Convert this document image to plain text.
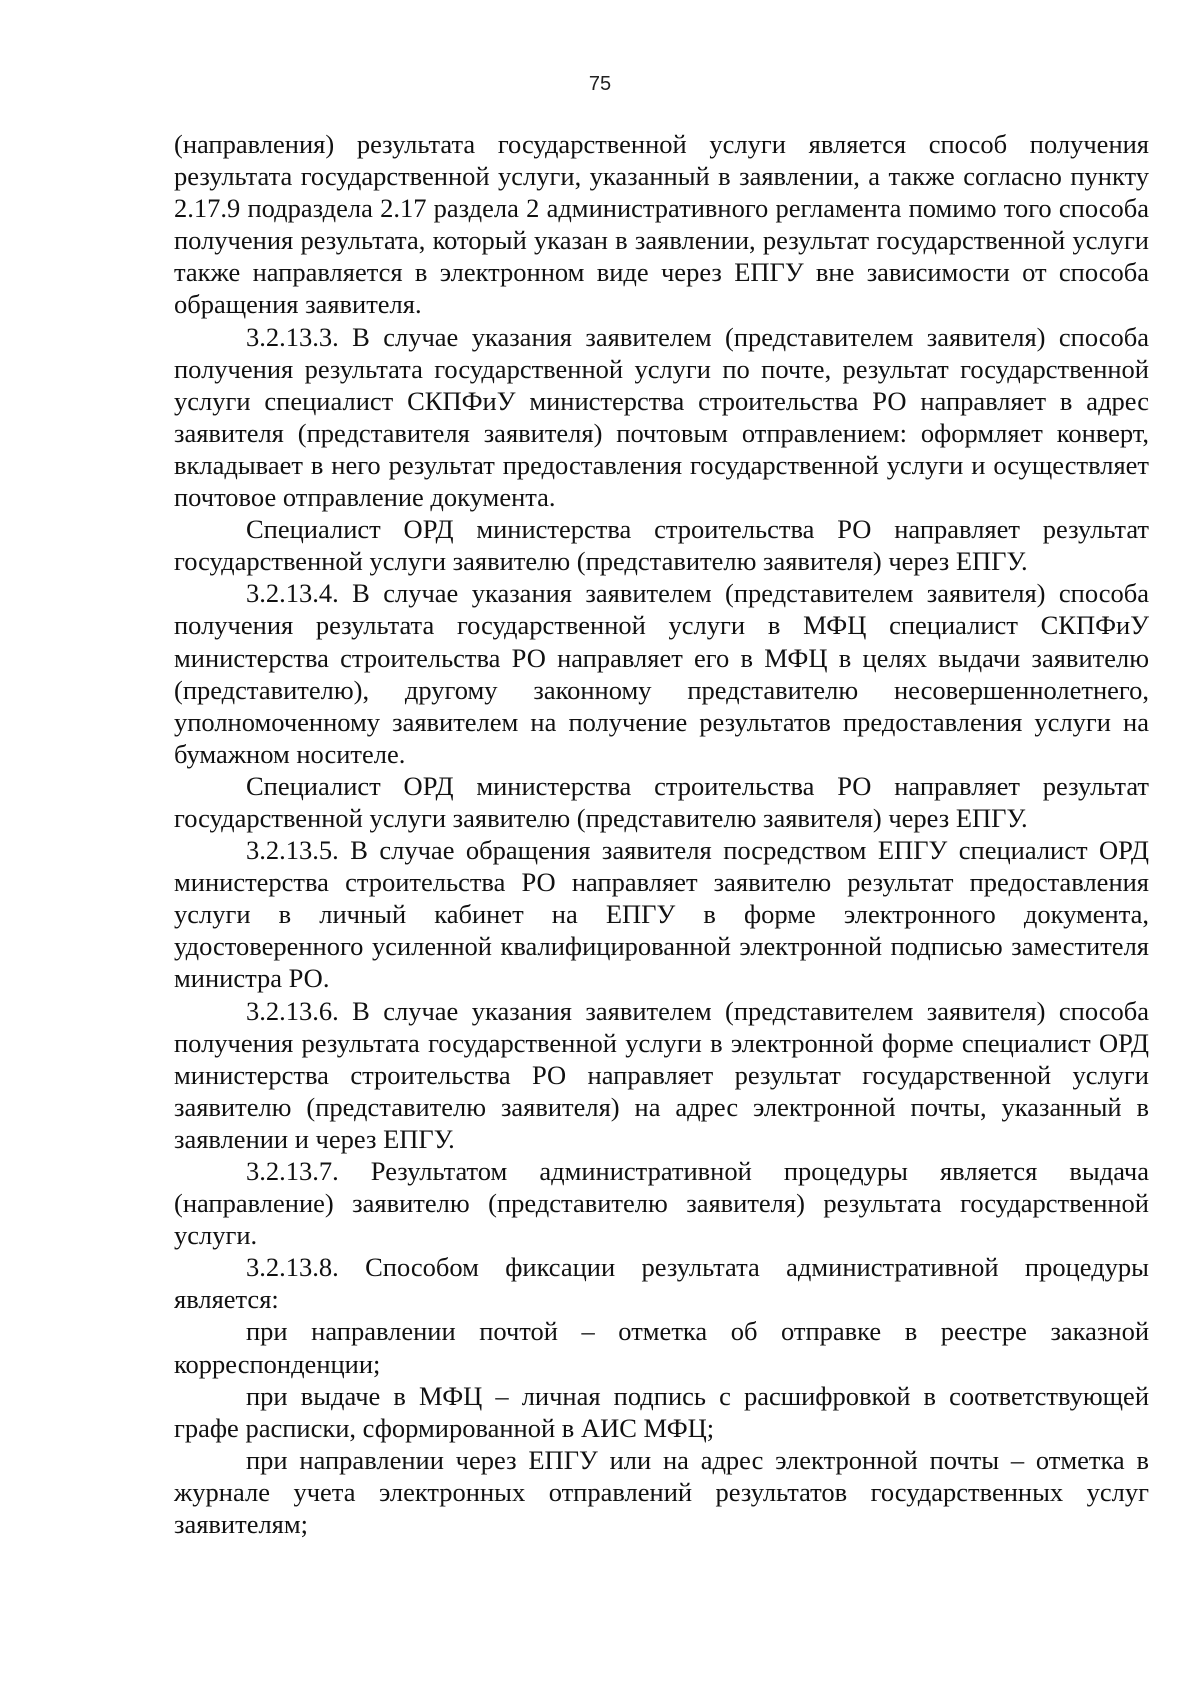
75

(направления) результата государственной услуги является способ получения результата государственной услуги, указанный в заявлении, а также согласно пункту 2.17.9 подраздела 2.17 раздела 2 административного регламента помимо того способа получения результата, который указан в заявлении, результат государственной услуги также направляется в электронном виде через ЕПГУ вне зависимости от способа обращения заявителя.

3.2.13.3. В случае указания заявителем (представителем заявителя) способа получения результата государственной услуги по почте, результат государственной услуги специалист СКПФиУ министерства строительства РО направляет в адрес заявителя (представителя заявителя) почтовым отправлением: оформляет конверт, вкладывает в него результат предоставления государственной услуги и осуществляет почтовое отправление документа.

Специалист ОРД министерства строительства РО направляет результат государственной услуги заявителю (представителю заявителя) через ЕПГУ.

3.2.13.4. В случае указания заявителем (представителем заявителя) способа получения результата государственной услуги в МФЦ специалист СКПФиУ министерства строительства РО направляет его в МФЦ в целях выдачи заявителю (представителю), другому законному представителю несовершеннолетнего, уполномоченному заявителем на получение результатов предоставления услуги на бумажном носителе.

Специалист ОРД министерства строительства РО направляет результат государственной услуги заявителю (представителю заявителя) через ЕПГУ.

3.2.13.5. В случае обращения заявителя посредством ЕПГУ специалист ОРД министерства строительства РО направляет заявителю результат предоставления услуги в личный кабинет на ЕПГУ в форме электронного документа, удостоверенного усиленной квалифицированной электронной подписью заместителя министра РО.

3.2.13.6. В случае указания заявителем (представителем заявителя) способа получения результата государственной услуги в электронной форме специалист ОРД министерства строительства РО направляет результат государственной услуги заявителю (представителю заявителя) на адрес электронной почты, указанный в заявлении и через ЕПГУ.

3.2.13.7. Результатом административной процедуры является выдача (направление) заявителю (представителю заявителя) результата государственной услуги.

3.2.13.8. Способом фиксации результата административной процедуры является:

при направлении почтой – отметка об отправке в реестре заказной корреспонденции;

при выдаче в МФЦ – личная подпись с расшифровкой в соответствующей графе расписки, сформированной в АИС МФЦ;

при направлении через ЕПГУ или на адрес электронной почты – отметка в журнале учета электронных отправлений результатов государственных услуг заявителям;
